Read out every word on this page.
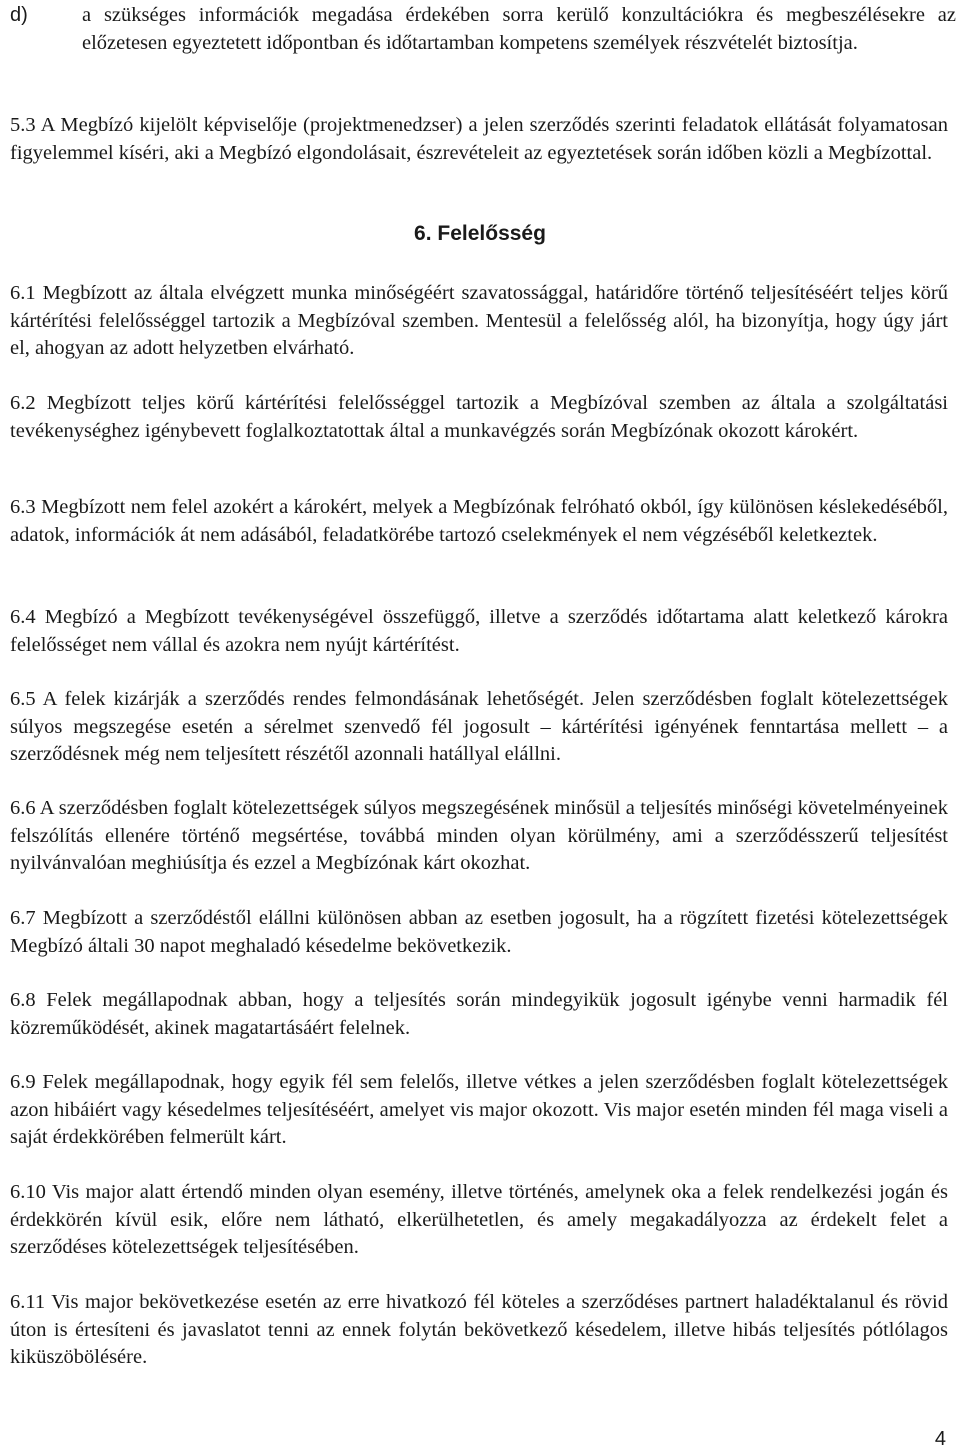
d)	a szükséges információk megadása érdekében sorra kerülő konzultációkra és megbeszélésekre az előzetesen egyeztetett időpontban és időtartamban kompetens személyek részvételét biztosítja.

5.3 A Megbízó kijelölt képviselője (projektmenedzser) a jelen szerződés szerinti feladatok ellátását folyamatosan figyelemmel kíséri, aki a Megbízó elgondolásait, észrevételeit az egyeztetések során időben közli a Megbízottal.

6. Felelősség

6.1 Megbízott az általa elvégzett munka minőségéért szavatossággal, határidőre történő teljesítéséért teljes körű kártérítési felelősséggel tartozik a Megbízóval szemben. Mentesül a felelősség alól, ha bizonyítja, hogy úgy járt el, ahogyan az adott helyzetben elvárható.

6.2 Megbízott teljes körű kártérítési felelősséggel tartozik a Megbízóval szemben az általa a szolgáltatási tevékenységhez igénybevett foglalkoztatottak által a munkavégzés során Megbízónak okozott károkért.

6.3 Megbízott nem felel azokért a károkért, melyek a Megbízónak felróható okból, így különösen késlekedéséből, adatok, információk át nem adásából, feladatkörébe tartozó cselekmények el nem végzéséből keletkeztek.

6.4 Megbízó a Megbízott tevékenységével összefüggő, illetve a szerződés időtartama alatt keletkező károkra felelősséget nem vállal és azokra nem nyújt kártérítést.

6.5 A felek kizárják a szerződés rendes felmondásának lehetőségét. Jelen szerződésben foglalt kötelezettségek súlyos megszegése esetén a sérelmet szenvedő fél jogosult – kártérítési igényének fenntartása mellett – a szerződésnek még nem teljesített részétől azonnali hatállyal elállni.

6.6 A szerződésben foglalt kötelezettségek súlyos megszegésének minősül a teljesítés minőségi követelményeinek felszólítás ellenére történő megsértése, továbbá minden olyan körülmény, ami a szerződésszerű teljesítést nyilvánvalóan meghiúsítja és ezzel a Megbízónak kárt okozhat.

6.7 Megbízott a szerződéstől elállni különösen abban az esetben jogosult, ha a rögzített fizetési kötelezettségek Megbízó általi 30 napot meghaladó késedelme bekövetkezik.

6.8 Felek megállapodnak abban, hogy a teljesítés során mindegyikük jogosult igénybe venni harmadik fél közreműködését, akinek magatartásáért felelnek.

6.9 Felek megállapodnak, hogy egyik fél sem felelős, illetve vétkes a jelen szerződésben foglalt kötelezettségek azon hibáiért vagy késedelmes teljesítéséért, amelyet vis major okozott. Vis major esetén minden fél maga viseli a saját érdekkörében felmerült kárt.

6.10 Vis major alatt értendő minden olyan esemény, illetve történés, amelynek oka a felek rendelkezési jogán és érdekkörén kívül esik, előre nem látható, elkerülhetetlen, és amely megakadályozza az érdekelt felet a szerződéses kötelezettségek teljesítésében.

6.11 Vis major bekövetkezése esetén az erre hivatkozó fél köteles a szerződéses partnert haladéktalanul és rövid úton is értesíteni és javaslatot tenni az ennek folytán bekövetkező késedelem, illetve hibás teljesítés pótlólagos kiküszöbölésére.

4
